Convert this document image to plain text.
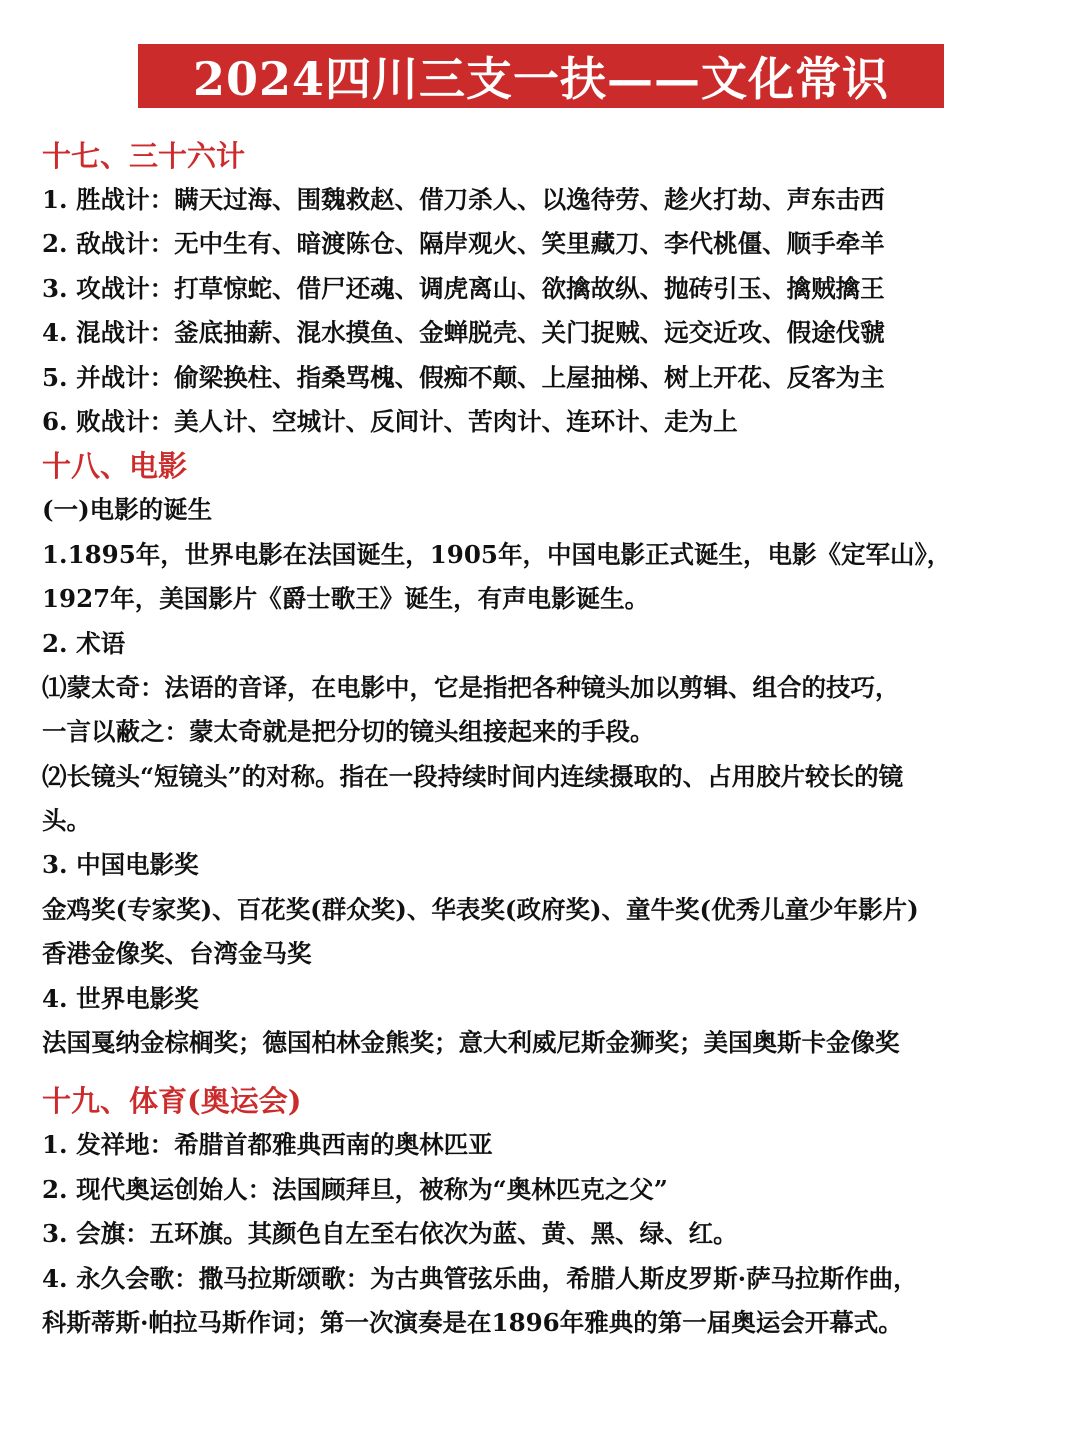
2024四川三支一扶——文化常识
十七、三十六计
1. 胜战计：瞒天过海、围魏救赵、借刀杀人、以逸待劳、趁火打劫、声东击西
2. 敌战计：无中生有、暗渡陈仓、隔岸观火、笑里藏刀、李代桃僵、顺手牵羊
3. 攻战计：打草惊蛇、借尸还魂、调虎离山、欲擒故纵、抛砖引玉、擒贼擒王
4. 混战计：釜底抽薪、混水摸鱼、金蝉脱壳、关门捉贼、远交近攻、假途伐虢
5. 并战计：偷梁换柱、指桑骂槐、假痴不颠、上屋抽梯、树上开花、反客为主
6. 败战计：美人计、空城计、反间计、苦肉计、连环计、走为上
十八、电影
(一)电影的诞生
1.1895年，世界电影在法国诞生，1905年，中国电影正式诞生，电影《定军山》，
1927年，美国影片《爵士歌王》诞生，有声电影诞生。
2. 术语
⑴蒙太奇：法语的音译，在电影中，它是指把各种镜头加以剪辑、组合的技巧，
一言以蔽之：蒙太奇就是把分切的镜头组接起来的手段。
⑵长镜头“短镜头”的对称。指在一段持续时间内连续摄取的、占用胶片较长的镜
头。
3. 中国电影奖
金鸡奖(专家奖)、百花奖(群众奖)、华表奖(政府奖)、童牛奖(优秀儿童少年影片)
香港金像奖、台湾金马奖
4. 世界电影奖
法国戛纳金棕榈奖；德国柏林金熊奖；意大利威尼斯金狮奖；美国奥斯卡金像奖
十九、体育(奥运会)
1. 发祥地：希腊首都雅典西南的奥林匹亚
2. 现代奥运创始人：法国顾拜旦，被称为“奥林匹克之父”
3. 会旗：五环旗。其颜色自左至右依次为蓝、黄、黑、绿、红。
4. 永久会歌：撒马拉斯颂歌：为古典管弦乐曲，希腊人斯皮罗斯·萨马拉斯作曲，
科斯蒂斯·帕拉马斯作词；第一次演奏是在1896年雅典的第一届奥运会开幕式。
